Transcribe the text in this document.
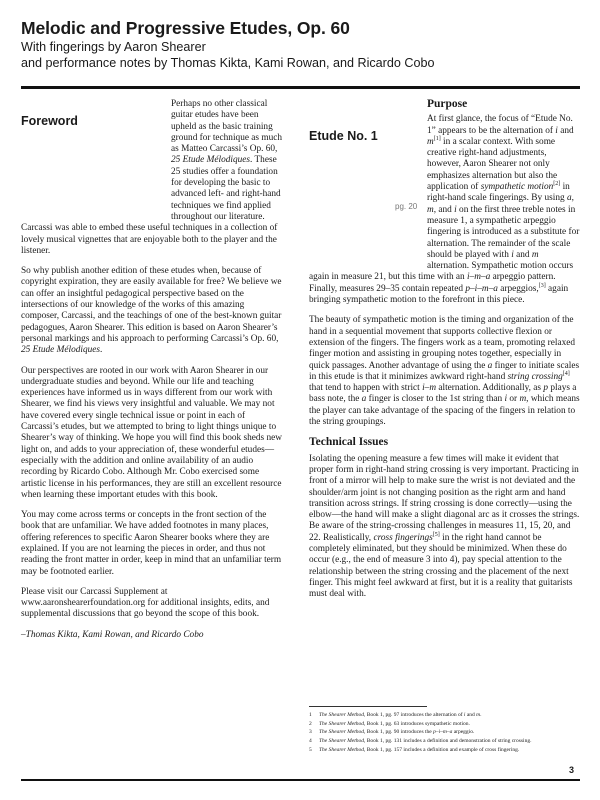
Melodic and Progressive Etudes, Op. 60
With fingerings by Aaron Shearer
and performance notes by Thomas Kikta, Kami Rowan, and Ricardo Cobo
Foreword

Perhaps no other classical guitar etudes have been upheld as the basic training ground for technique as much as Matteo Carcassi’s Op. 60, 25 Etude Mélodiques. These 25 studies offer a foundation for developing the basic to advanced left- and right-hand techniques we find applied throughout our literature. Carcassi was able to embed these useful techniques in a collection of lovely musical vignettes that are enjoyable both to the player and the listener.

So why publish another edition of these etudes when, because of copyright expiration, they are easily available for free? We believe we can offer an insightful pedagogical perspective based on the intersections of our knowledge of the works of this amazing composer, Carcassi, and the teachings of one of the best-known guitar pedagogues, Aaron Shearer. This edition is based on Aaron Shearer’s personal markings and his approach to performing Carcassi’s Op. 60, 25 Etude Mélodiques.

Our perspectives are rooted in our work with Aaron Shearer in our undergraduate studies and beyond. While our life and teaching experiences have informed us in ways different from our work with Shearer, we find his views very insightful and valuable. We may not have covered every single technical issue or point in each of Carcassi’s etudes, but we attempted to bring to light things unique to Shearer’s way of thinking. We hope you will find this book sheds new light on, and adds to your appreciation of, these wonderful etudes—especially with the addition and online availability of an audio recording by Ricardo Cobo. Although Mr. Cobo exercised some artistic license in his performances, they are still an excellent resource when learning these important etudes with this book.

You may come across terms or concepts in the front section of the book that are unfamiliar. We have added footnotes in many places, offering references to specific Aaron Shearer books where they are explained. If you are not learning the pieces in order, and thus not reading the front matter in order, keep in mind that an unfamiliar term may be footnoted earlier.

Please visit our Carcassi Supplement at www.aaronshearerfoundation.org for additional insights, edits, and supplemental discussions that go beyond the scope of this book.

–Thomas Kikta, Kami Rowan, and Ricardo Cobo

Purpose
Etude No. 1
pg. 20

At first glance, the focus of “Etude No. 1” appears to be the alternation of i and m[1] in a scalar context. With some creative right-hand adjustments, however, Aaron Shearer not only emphasizes alternation but also the application of sympathetic motion[2] in right-hand scale fingerings. By using a, m, and i on the first three treble notes in measure 1, a sympathetic arpeggio fingering is introduced as a substitute for alternation. The remainder of the scale should be played with i and m alternation. Sympathetic motion occurs again in measure 21, but this time with an i–m–a arpeggio pattern. Finally, measures 29–35 contain repeated p–i–m–a arpeggios,[3] again bringing sympathetic motion to the forefront in this piece.

The beauty of sympathetic motion is the timing and organization of the hand in a sequential movement that supports collective flexion or extension of the fingers. The fingers work as a team, promoting relaxed finger motion and assisting in grouping notes together, especially in quick passages. Another advantage of using the a finger to initiate scales in this etude is that it minimizes awkward right-hand string crossing[4] that tend to happen with strict i–m alternation. Additionally, as p plays a bass note, the a finger is closer to the 1st string than i or m, which means the player can take advantage of the spacing of the fingers in relation to the string groupings.

Technical Issues

Isolating the opening measure a few times will make it evident that proper form in right-hand string crossing is very important. Practicing in front of a mirror will help to make sure the wrist is not deviated and the shoulder/arm joint is not changing position as the right arm and hand transition across strings. If string crossing is done correctly—using the elbow—the hand will make a slight diagonal arc as it crosses the strings. Be aware of the string-crossing challenges in measures 11, 15, 20, and 22. Realistically, cross fingerings[5] in the right hand cannot be completely eliminated, but they should be minimized. When these do occur (e.g., the end of measure 3 into 4), pay special attention to the relationship between the string crossing and the placement of the next finger. This might feel awkward at first, but it is a reality that guitarists must deal with.

1	The Shearer Method, Book 1, pg. 97 introduces the alternation of i and m.
2	The Shearer Method, Book 1, pg. 63 introduces sympathetic motion.
3	The Shearer Method, Book 1, pg. 90 introduces the p–i–m–a arpeggio.
4	The Shearer Method, Book 1, pg. 131 includes a definition and demonstration of string crossing.
5	The Shearer Method, Book 1, pg. 157 includes a definition and example of cross fingering.
3
